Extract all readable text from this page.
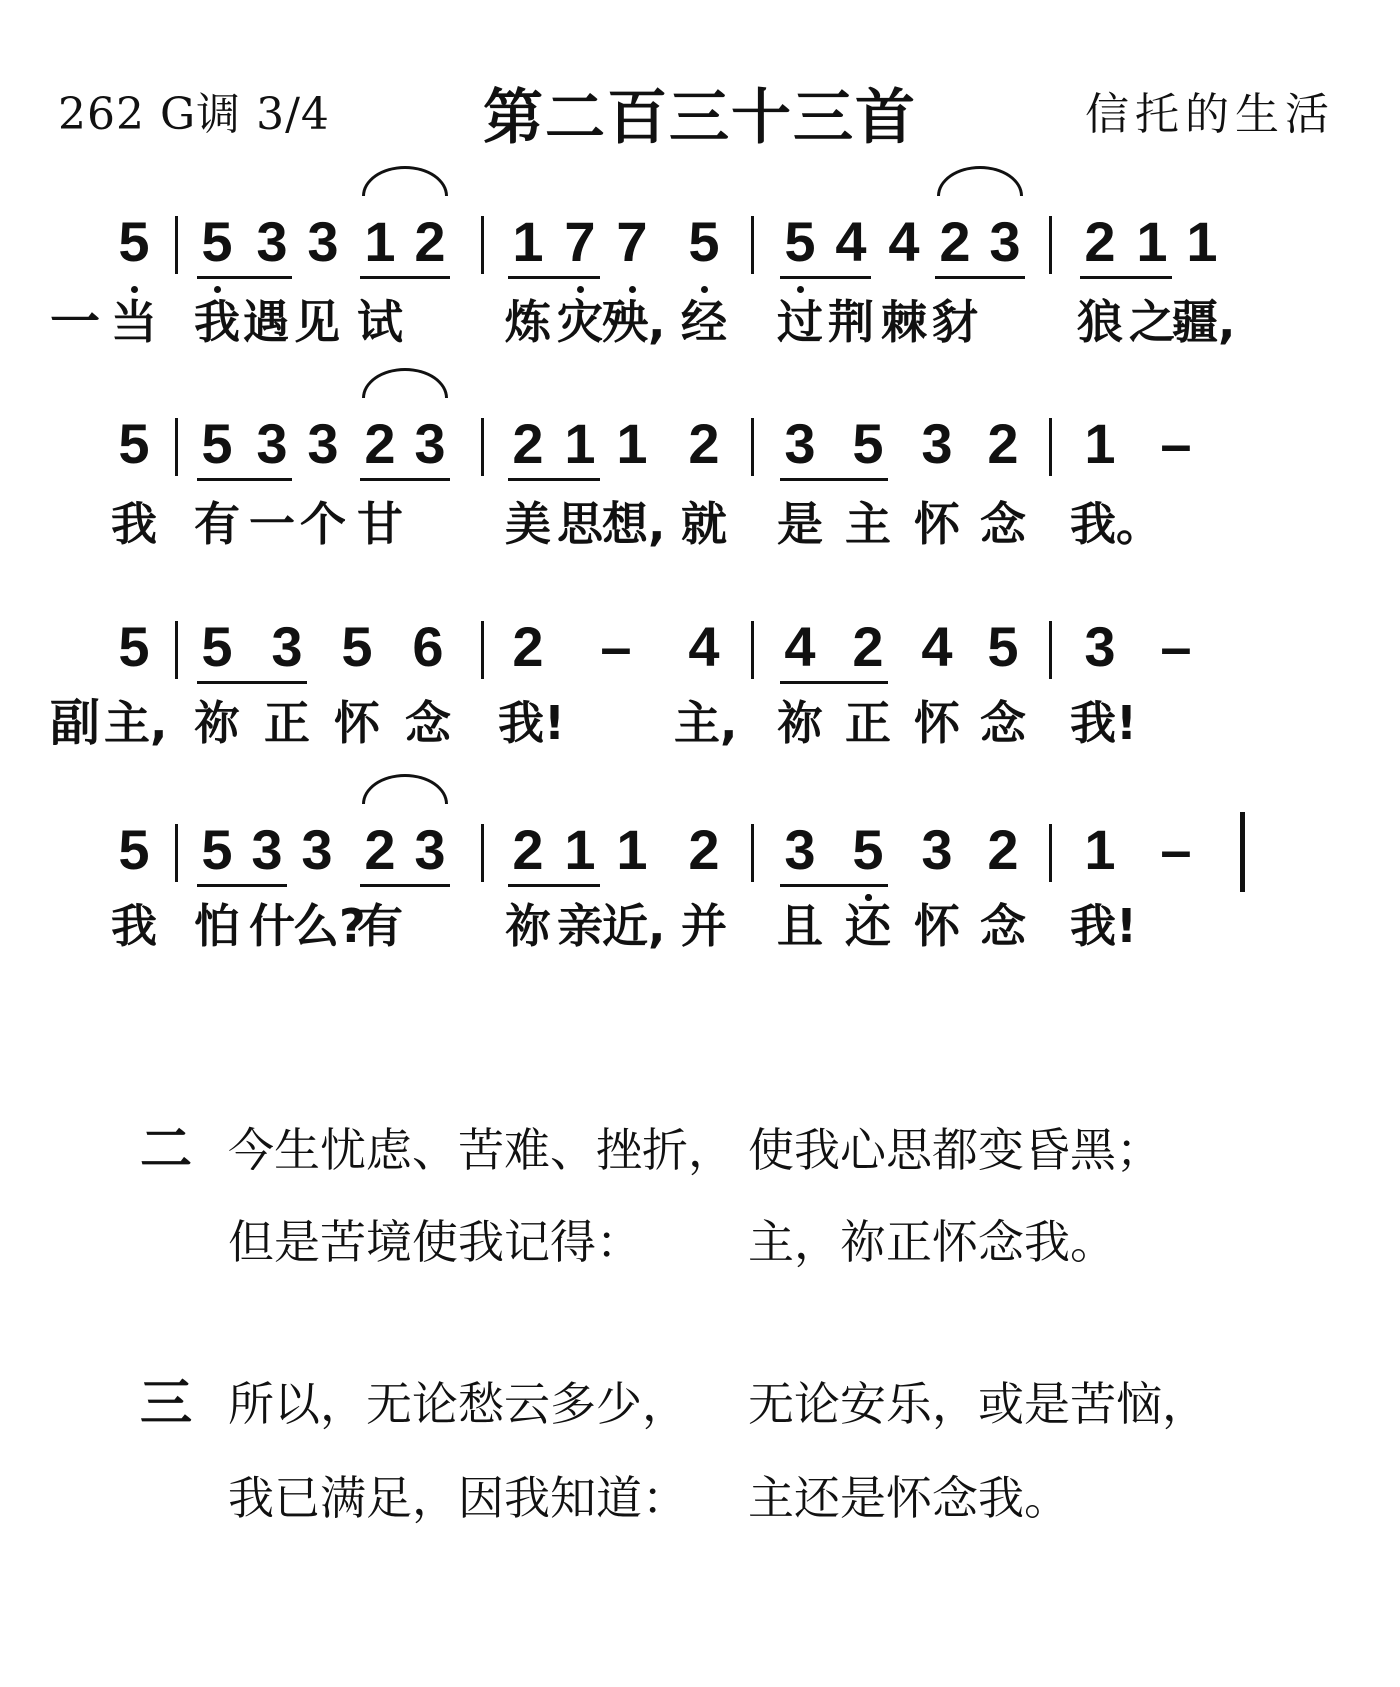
262 G调 3/4	第二百三十三首	信托的生活
5 5 3 3 1 2 1 7 7 5 5 4 4 2 3 2 1 1
一 当 我 遇 见 试 炼 灾 殃, 经 过 荆 棘 豺 狼 之
疆,
5 5 3 3 2 3 2 1 1 2 3 5 3 2 1 –
我 有 一 个 甘 美 思 想, 就 是 主 怀 念 我。
5 5 3 5 6 2 – 4 4 2 4 5 3 –
副 主, 祢 正 怀 念 我! 主, 祢 正 怀 念 我!
5 5 3 3 2 3 2 1 1 2 3 5 3 2 1 –
我 怕 什
么?
有 祢 亲 近, 并 且 还 怀 念 我!
二 今生忧虑、苦难、挫折， 使我心思都变昏黑；
但是苦境使我记得： 主，祢正怀念我。
三 所以，无论愁云多少， 无论安乐，或是苦恼，
我已满足，因我知道： 主还是怀念我。
